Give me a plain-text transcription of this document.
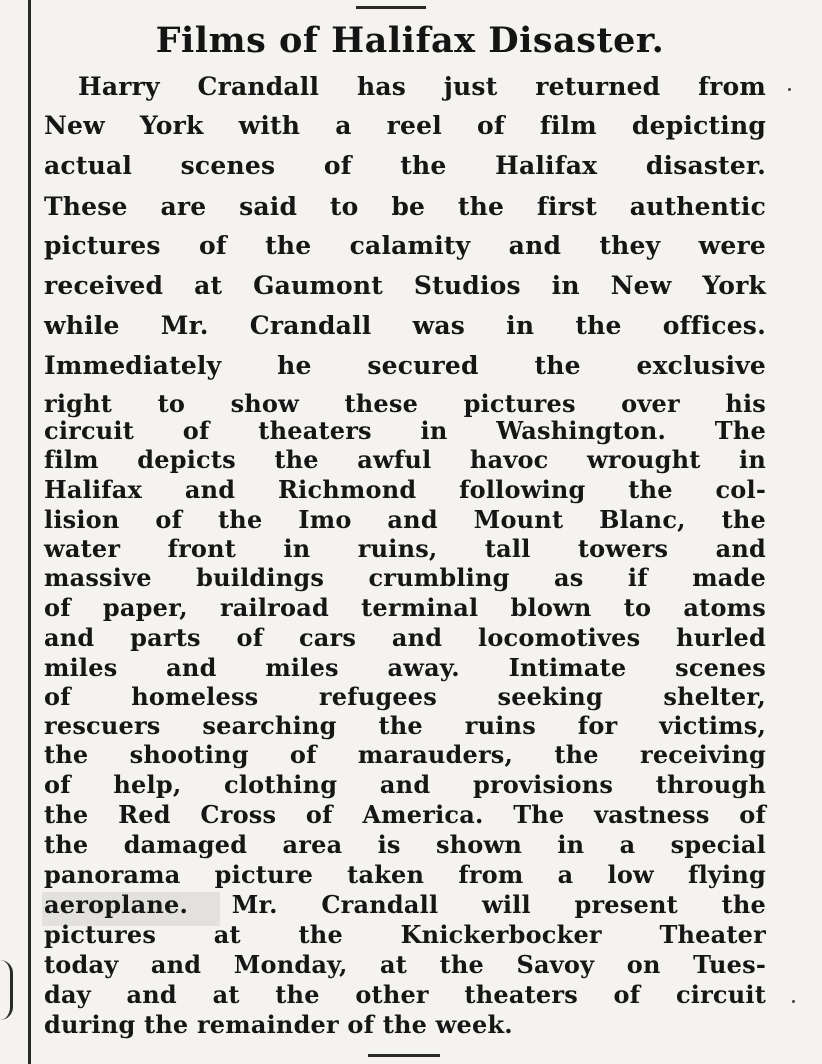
Films of Halifax Disaster.
Harry Crandall has just returned from
New York with a reel of film depicting
actual scenes of the Halifax disaster.
These are said to be the first authentic
pictures of the calamity and they were
received at Gaumont Studios in New York
while Mr. Crandall was in the offices.
Immediately he secured the exclusive
right to show these pictures over his
circuit of theaters in Washington. The
film depicts the awful havoc wrought in
Halifax and Richmond following the col-
lision of the Imo and Mount Blanc, the
water front in ruins, tall towers and
massive buildings crumbling as if made
of paper, railroad terminal blown to atoms
and parts of cars and locomotives hurled
miles and miles away. Intimate scenes
of homeless refugees seeking shelter,
rescuers searching the ruins for victims,
the shooting of marauders, the receiving
of help, clothing and provisions through
the Red Cross of America. The vastness of
the damaged area is shown in a special
panorama picture taken from a low flying
aeroplane. Mr. Crandall will present the
pictures at the Knickerbocker Theater
today and Monday, at the Savoy on Tues-
day and at the other theaters of circuit
during the remainder of the week.
